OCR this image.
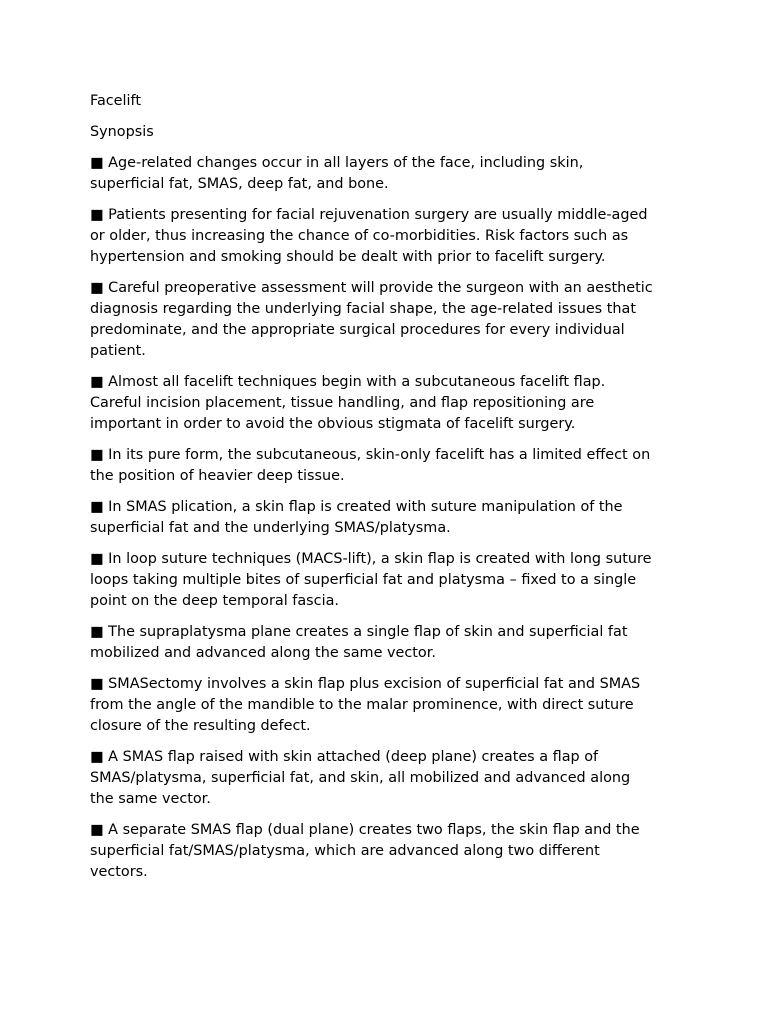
Facelift
Synopsis
■ Age-related changes occur in all layers of the face, including skin,
superficial fat, SMAS, deep fat, and bone.
■ Patients presenting for facial rejuvenation surgery are usually middle-aged
or older, thus increasing the chance of co-morbidities. Risk factors such as
hypertension and smoking should be dealt with prior to facelift surgery.
■ Careful preoperative assessment will provide the surgeon with an aesthetic
diagnosis regarding the underlying facial shape, the age-related issues that
predominate, and the appropriate surgical procedures for every individual
patient.
■ Almost all facelift techniques begin with a subcutaneous facelift flap.
Careful incision placement, tissue handling, and flap repositioning are
important in order to avoid the obvious stigmata of facelift surgery.
■ In its pure form, the subcutaneous, skin-only facelift has a limited effect on
the position of heavier deep tissue.
■ In SMAS plication, a skin flap is created with suture manipulation of the
superficial fat and the underlying SMAS/platysma.
■ In loop suture techniques (MACS-lift), a skin flap is created with long suture
loops taking multiple bites of superficial fat and platysma – fixed to a single
point on the deep temporal fascia.
■ The supraplatysma plane creates a single flap of skin and superficial fat
mobilized and advanced along the same vector.
■ SMASectomy involves a skin flap plus excision of superficial fat and SMAS
from the angle of the mandible to the malar prominence, with direct suture
closure of the resulting defect.
■ A SMAS flap raised with skin attached (deep plane) creates a flap of
SMAS/platysma, superficial fat, and skin, all mobilized and advanced along
the same vector.
■ A separate SMAS flap (dual plane) creates two flaps, the skin flap and the
superficial fat/SMAS/platysma, which are advanced along two different
vectors.
